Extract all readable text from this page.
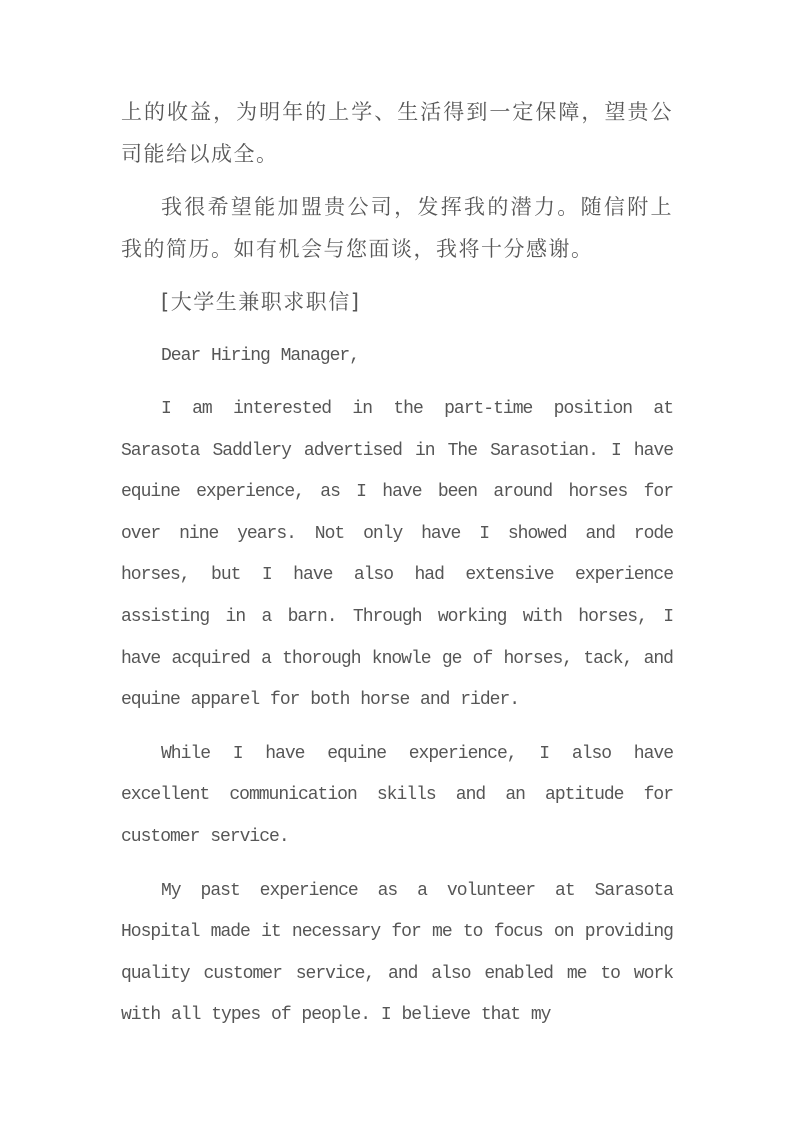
上的收益，为明年的上学、生活得到一定保障，望贵公司能给以成全。

我很希望能加盟贵公司，发挥我的潜力。随信附上我的简历。如有机会与您面谈，我将十分感谢。

[大学生兼职求职信]

Dear Hiring Manager,

I am interested in the part-time position at Sarasota Saddlery advertised in The Sarasotian. I have equine experience, as I have been around horses for over nine years. Not only have I showed and rode horses, but I have also had extensive experience assisting in a barn. Through working with horses, I have acquired a thorough knowle ge of horses, tack, and equine apparel for both horse and rider.

While I have equine experience, I also have excellent communication skills and an aptitude for customer service.

My past experience as a volunteer at Sarasota Hospital made it necessary for me to focus on providing quality customer service, and also enabled me to work with all types of people. I believe that my
